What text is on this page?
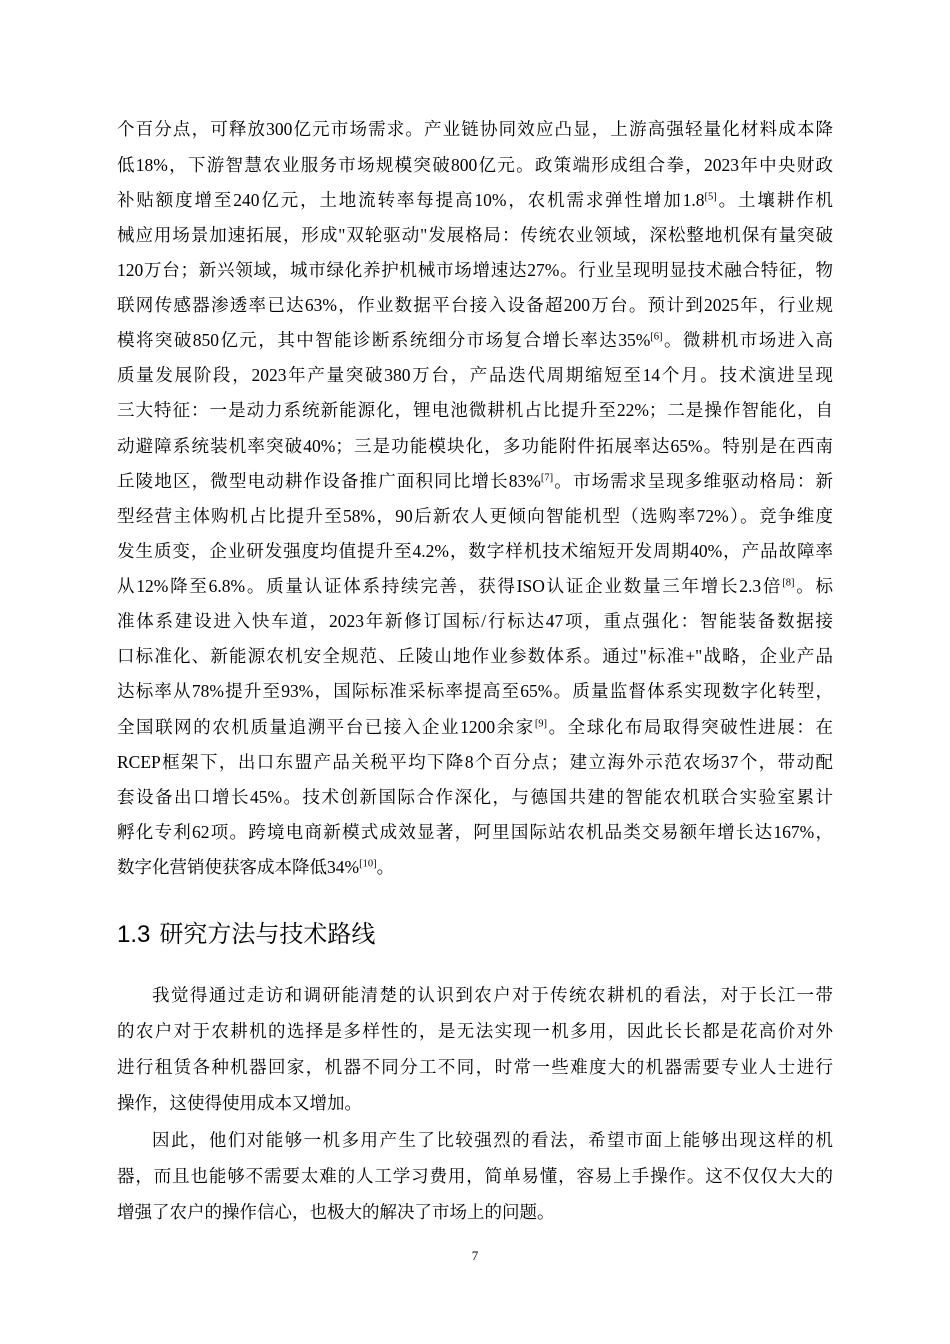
个百分点，可释放300亿元市场需求。产业链协同效应凸显，上游高强轻量化材料成本降
低18%，下游智慧农业服务市场规模突破800亿元。政策端形成组合拳，2023年中央财政
补贴额度增至240亿元，土地流转率每提高10%，农机需求弹性增加1.8[5]。土壤耕作机
械应用场景加速拓展，形成"双轮驱动"发展格局：传统农业领域，深松整地机保有量突破
120万台；新兴领域，城市绿化养护机械市场增速达27%。行业呈现明显技术融合特征，物
联网传感器渗透率已达63%，作业数据平台接入设备超200万台。预计到2025年，行业规
模将突破850亿元，其中智能诊断系统细分市场复合增长率达35%[6]。微耕机市场进入高
质量发展阶段，2023年产量突破380万台，产品迭代周期缩短至14个月。技术演进呈现
三大特征：一是动力系统新能源化，锂电池微耕机占比提升至22%；二是操作智能化，自
动避障系统装机率突破40%；三是功能模块化，多功能附件拓展率达65%。特别是在西南
丘陵地区，微型电动耕作设备推广面积同比增长83%[7]。市场需求呈现多维驱动格局：新
型经营主体购机占比提升至58%，90后新农人更倾向智能机型（选购率72%）。竞争维度
发生质变，企业研发强度均值提升至4.2%，数字样机技术缩短开发周期40%，产品故障率
从12%降至6.8%。质量认证体系持续完善，获得ISO认证企业数量三年增长2.3倍[8]。标
准体系建设进入快车道，2023年新修订国标/行标达47项，重点强化：智能装备数据接
口标准化、新能源农机安全规范、丘陵山地作业参数体系。通过"标准+"战略，企业产品
达标率从78%提升至93%，国际标准采标率提高至65%。质量监督体系实现数字化转型，
全国联网的农机质量追溯平台已接入企业1200余家[9]。全球化布局取得突破性进展：在
RCEP框架下，出口东盟产品关税平均下降8个百分点；建立海外示范农场37个，带动配
套设备出口增长45%。技术创新国际合作深化，与德国共建的智能农机联合实验室累计
孵化专利62项。跨境电商新模式成效显著，阿里国际站农机品类交易额年增长达167%，
数字化营销使获客成本降低34%[10]。
1.3 研究方法与技术路线
我觉得通过走访和调研能清楚的认识到农户对于传统农耕机的看法，对于长江一带
的农户对于农耕机的选择是多样性的，是无法实现一机多用，因此长长都是花高价对外
进行租赁各种机器回家，机器不同分工不同，时常一些难度大的机器需要专业人士进行
操作，这使得使用成本又增加。
因此，他们对能够一机多用产生了比较强烈的看法，希望市面上能够出现这样的机
器，而且也能够不需要太难的人工学习费用，简单易懂，容易上手操作。这不仅仅大大的
增强了农户的操作信心，也极大的解决了市场上的问题。
7
